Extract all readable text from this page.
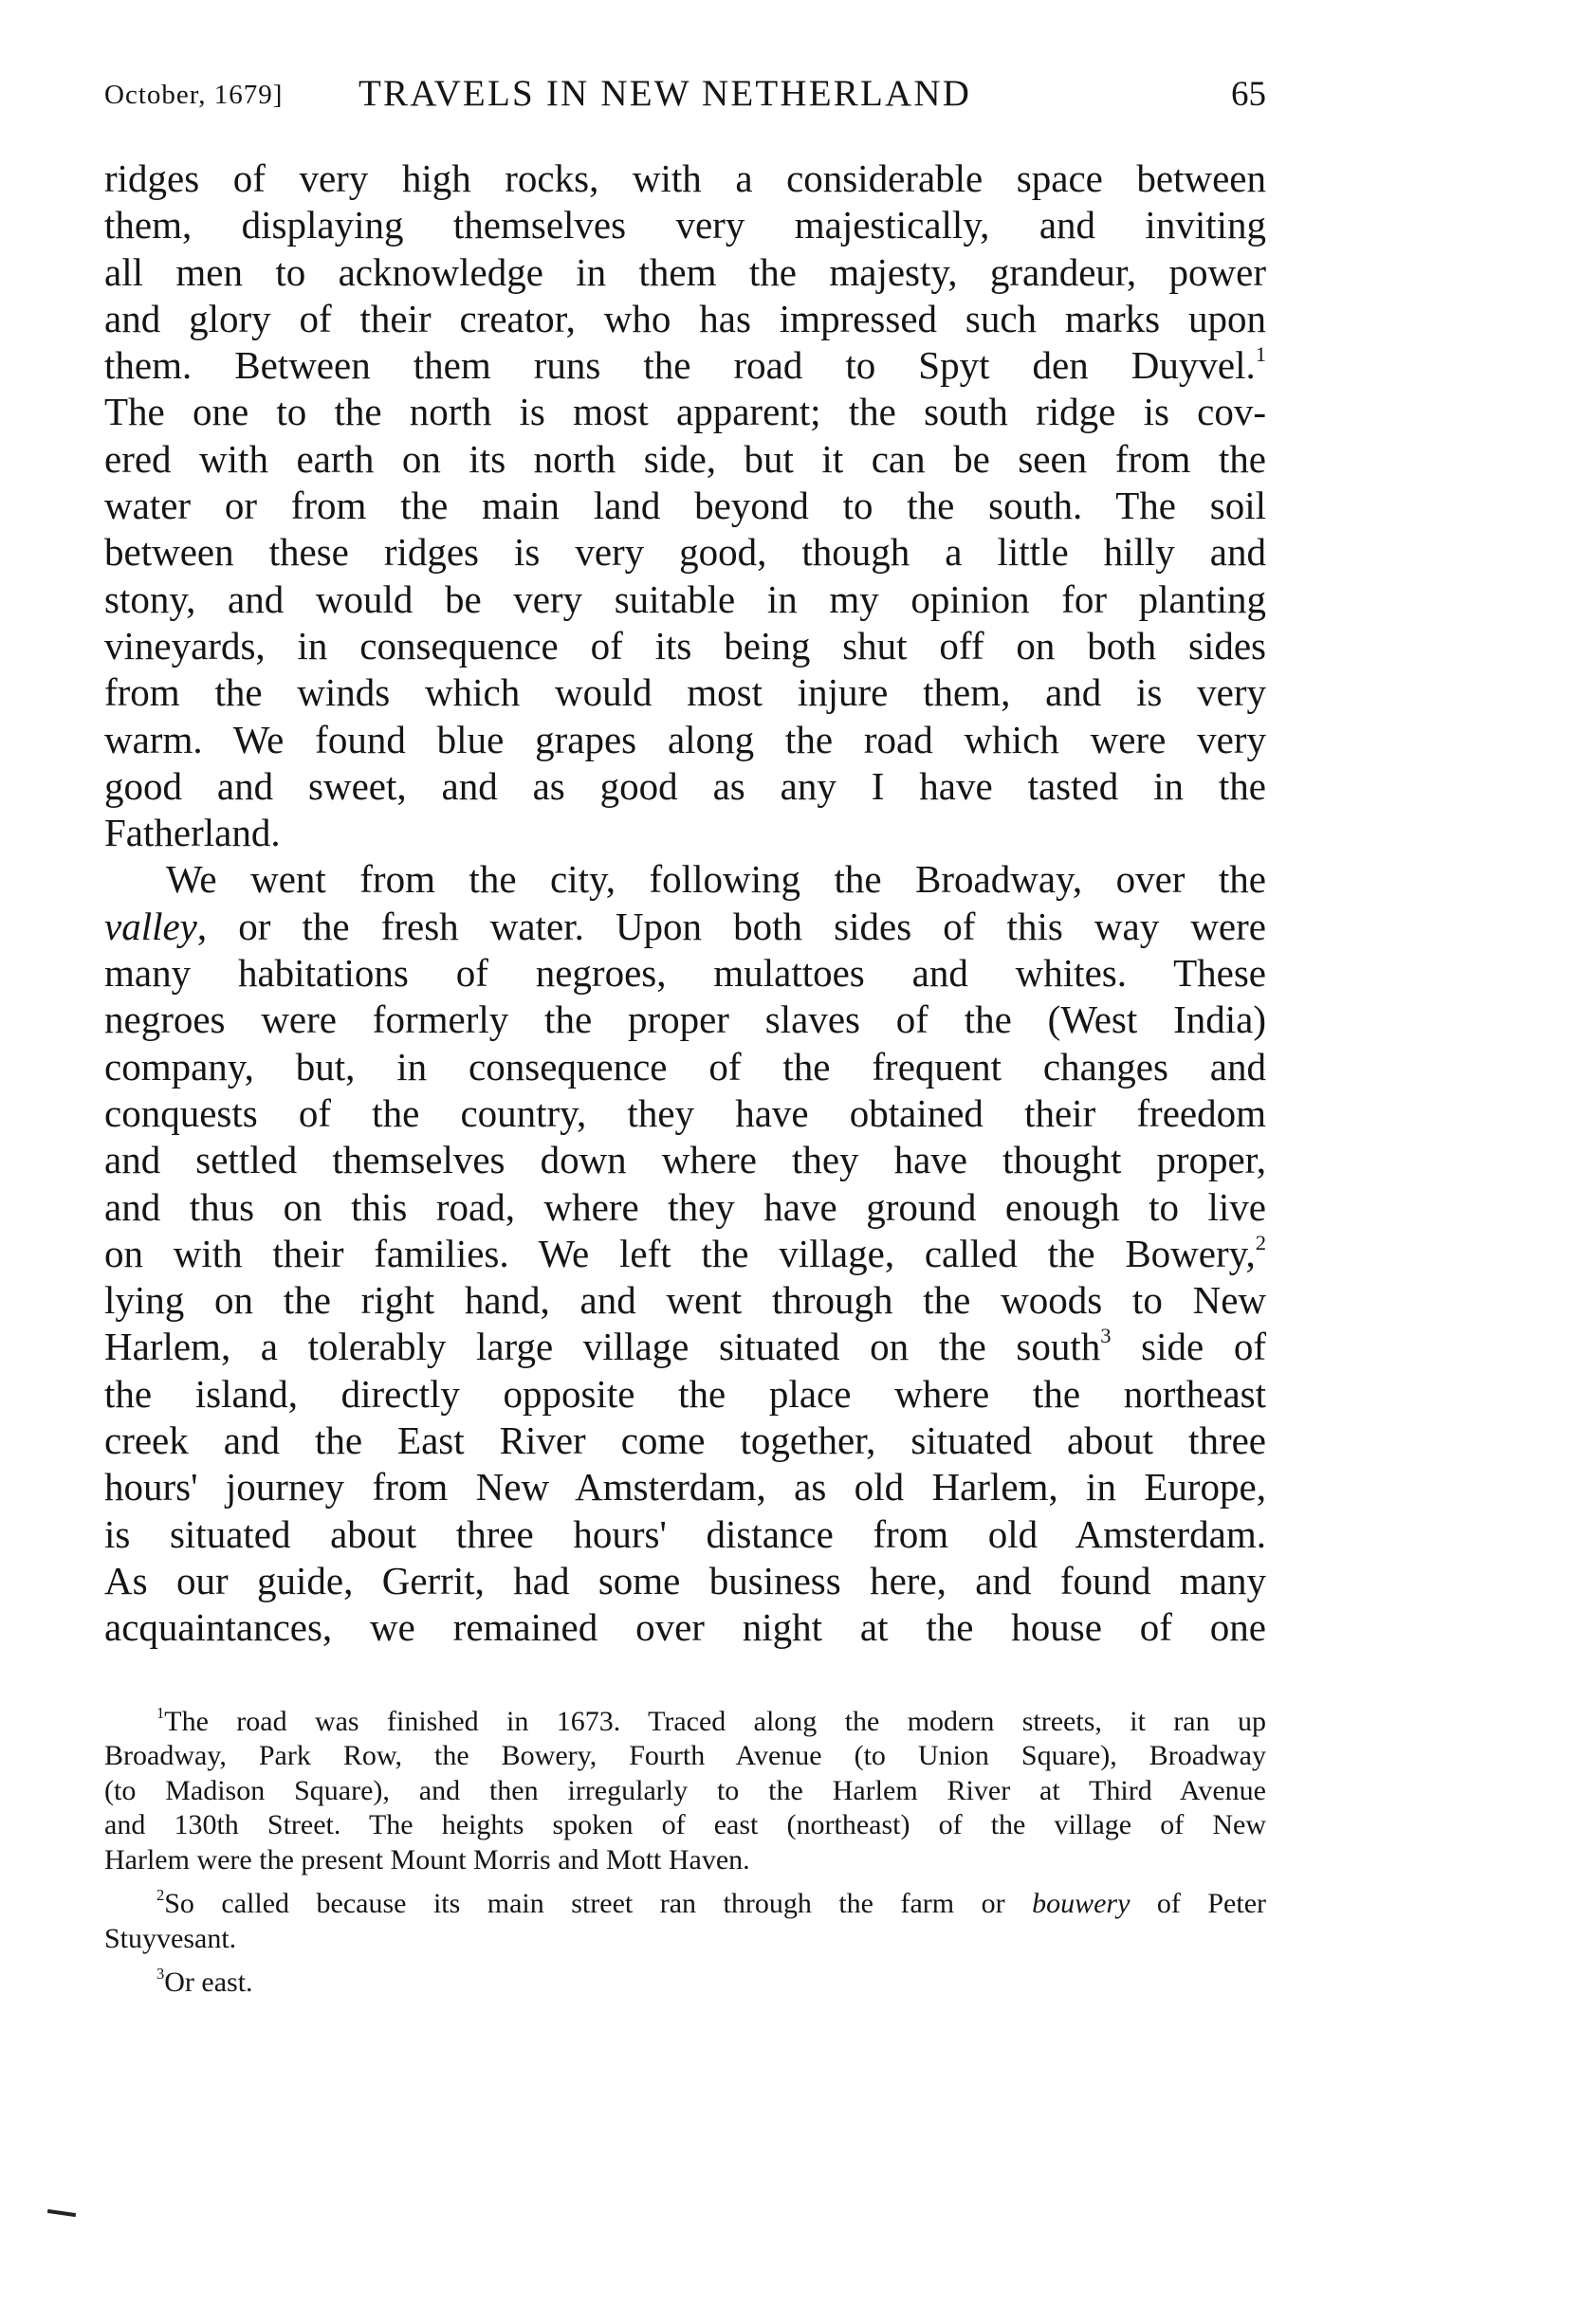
October, 1679] TRAVELS IN NEW NETHERLAND	65
ridges of very high rocks, with a considerable space between
them, displaying themselves very majestically, and inviting
all men to acknowledge in them the majesty, grandeur, power
and glory of their creator, who has impressed such marks upon
them. Between them runs the road to Spyt den Duyvel.$^1$
The one to the north is most apparent; the south ridge is cov-
ered with earth on its north side, but it can be seen from the
water or from the main land beyond to the south. The soil
between these ridges is very good, though a little hilly and
stony, and would be very suitable in my opinion for planting
vineyards, in consequence of its being shut off on both sides
from the winds which would most injure them, and is very
warm. We found blue grapes along the road which were very
good and sweet, and as good as any I have tasted in the
Fatherland.
We went from the city, following the Broadway, over the
valley, or the fresh water. Upon both sides of this way were
many habitations of negroes, mulattoes and whites. These
negroes were formerly the proper slaves of the (West India)
company, but, in consequence of the frequent changes and
conquests of the country, they have obtained their freedom
and settled themselves down where they have thought proper,
and thus on this road, where they have ground enough to live
on with their families. We left the village, called the Bowery,$^2$
lying on the right hand, and went through the woods to New
Harlem, a tolerably large village situated on the south$^3$ side of
the island, directly opposite the place where the northeast
creek and the East River come together, situated about three
hours' journey from New Amsterdam, as old Harlem, in Europe,
is situated about three hours' distance from old Amsterdam.
As our guide, Gerrit, had some business here, and found many
acquaintances, we remained over night at the house of one
$^1$The road was finished in 1673. Traced along the modern streets, it ran up
Broadway, Park Row, the Bowery, Fourth Avenue (to Union Square), Broadway
(to Madison Square), and then irregularly to the Harlem River at Third Avenue
and 130th Street. The heights spoken of east (northeast) of the village of New
Harlem were the present Mount Morris and Mott Haven.
$^2$So called because its main street ran through the farm or bouwery of Peter
Stuyvesant.
$^3$Or east.
